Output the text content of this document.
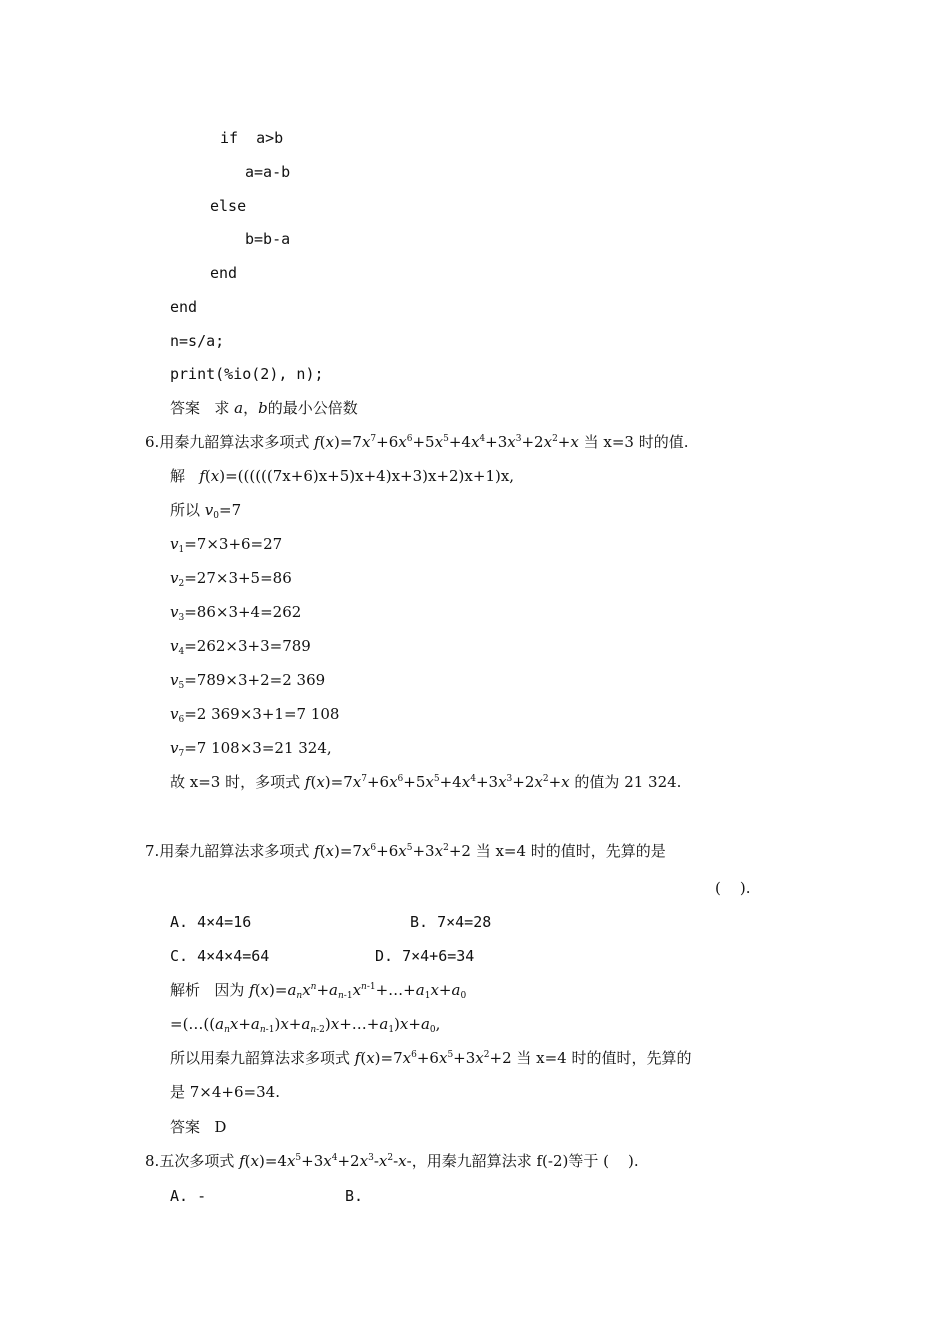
if  a>b
a=a-b
else
b=b-a
end
end
n=s/a;
print(%io(2), n);
答案 求 a，b的最小公倍数
6.用秦九韶算法求多项式 $f(x)=7x^7+6x^6+5x^5+4x^4+3x^3+2x^2+x$ 当 x=3 时的值.
解 f(x)=((((((7x+6)x+5)x+4)x+3)x+2)x+1)x,
所以 $v_0=7$
$v_1=7\times 3+6=27$
$v_2=27\times 3+5=86$
$v_3=86\times 3+4=262$
$v_4=262\times 3+3=789$
$v_5=789\times 3+2=2$ 369
$v_6=2$ 369×3+1=7 108
$v_7=7$ 108×3=21 324,
故 x=3 时，多项式 $f(x)=7x^7+6x^6+5x^5+4x^4+3x^3+2x^2+x$ 的值为 21 324.
7.用秦九韶算法求多项式 $f(x)=7x^6+6x^5+3x^2+2$ 当 x=4 时的值时，先算的是
(    ).
A. 4×4=16	B. 7×4=28
C. 4×4×4=64	D. 7×4+6=34
解析 因为 $f(x)=a_nx^n+a_{n-1}x^{n-1}+\dots+a_1x+a_0$
$=(\dots((a_nx+a_{n-1})x+a_{n-2})x+\dots+a_1)x+a_0$,
所以用秦九韶算法求多项式 $f(x)=7x^6+6x^5+3x^2+2$ 当 x=4 时的值时，先算的
是 7×4+6=34.
答案 D
8.五次多项式 $f(x)=4x^5+3x^4+2x^3-x^2-x-$，用秦九韶算法求 f(-2)等于 (    ).
A. -	B.
